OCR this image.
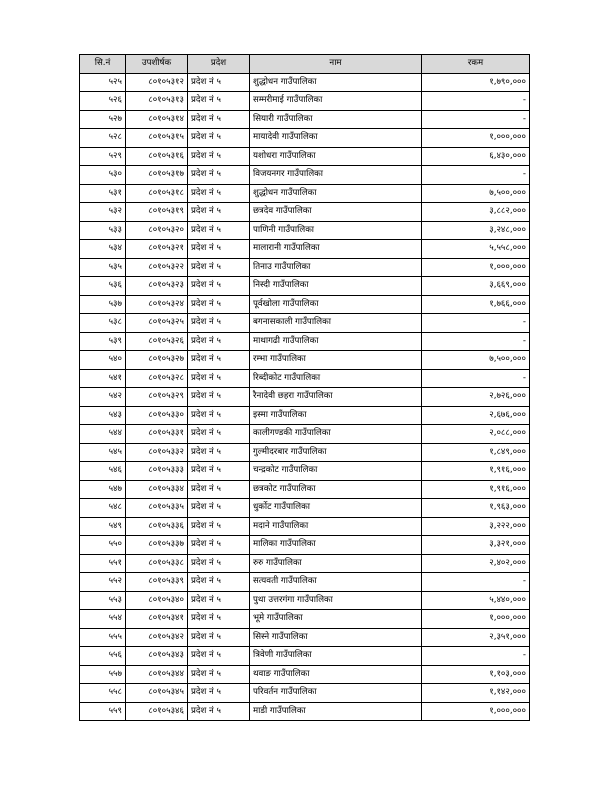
सि.नं	उपशीर्षक	प्रदेश	नाम	रकम
५२५	८०१०५३१२	प्रदेश नं ५	शुद्धोधन गाउँपालिका	१,७९०,०००
५२६	८०१०५३१३	प्रदेश नं ५	सम्मरीमाई गाउँपालिका	-
५२७	८०१०५३१४	प्रदेश नं ५	सियारी गाउँपालिका	-
५२८	८०१०५३१५	प्रदेश नं ५	मायादेवी गाउँपालिका	१,०००,०००
५२९	८०१०५३१६	प्रदेश नं ५	यशोधरा गाउँपालिका	६,४३०,०००
५३०	८०१०५३१७	प्रदेश नं ५	विजयनगर गाउँपालिका	-
५३१	८०१०५३१८	प्रदेश नं ५	शुद्धोधन गाउँपालिका	७,५००,०००
५३२	८०१०५३१९	प्रदेश नं ५	छत्रदेव गाउँपालिका	३,८८२,०००
५३३	८०१०५३२०	प्रदेश नं ५	पाणिनी गाउँपालिका	३,२४८,०००
५३४	८०१०५३२१	प्रदेश नं ५	मालारानी गाउँपालिका	५,५५८,०००
५३५	८०१०५३२२	प्रदेश नं ५	तिनाउ गाउँपालिका	१,०००,०००
५३६	८०१०५३२३	प्रदेश नं ५	निस्दी गाउँपालिका	३,६६९,०००
५३७	८०१०५३२४	प्रदेश नं ५	पूर्वखोला गाउँपालिका	१,७६६,०००
५३८	८०१०५३२५	प्रदेश नं ५	बगनासकाली गाउँपालिका	-
५३९	८०१०५३२६	प्रदेश नं ५	माथागढी गाउँपालिका	-
५४०	८०१०५३२७	प्रदेश नं ५	रम्भा गाउँपालिका	७,५००,०००
५४१	८०१०५३२८	प्रदेश नं ५	रिब्दीकोट गाउँपालिका	-
५४२	८०१०५३२९	प्रदेश नं ५	रैनादेवी छहरा गाउँपालिका	२,७२६,०००
५४३	८०१०५३३०	प्रदेश नं ५	इस्मा गाउँपालिका	२,६७६,०००
५४४	८०१०५३३१	प्रदेश नं ५	कालीगण्डकी गाउँपालिका	२,०८८,०००
५४५	८०१०५३३२	प्रदेश नं ५	गुल्मीदरबार गाउँपालिका	१,८४९,०००
५४६	८०१०५३३३	प्रदेश नं ५	चन्द्रकोट गाउँपालिका	१,९१६,०००
५४७	८०१०५३३४	प्रदेश नं ५	छत्रकोट गाउँपालिका	१,९१६,०००
५४८	८०१०५३३५	प्रदेश नं ५	धुर्कोट गाउँपालिका	१,९६३,०००
५४९	८०१०५३३६	प्रदेश नं ५	मदाने गाउँपालिका	३,२२२,०००
५५०	८०१०५३३७	प्रदेश नं ५	मालिका गाउँपालिका	३,३२१,०००
५५१	८०१०५३३८	प्रदेश नं ५	रुरु गाउँपालिका	२,४०२,०००
५५२	८०१०५३३९	प्रदेश नं ५	सत्यवती गाउँपालिका	-
५५३	८०१०५३४०	प्रदेश नं ५	पुथा उत्तरगंगा गाउँपालिका	५,४४०,०००
५५४	८०१०५३४१	प्रदेश नं ५	भूमे गाउँपालिका	१,०००,०००
५५५	८०१०५३४२	प्रदेश नं ५	सिस्ने गाउँपालिका	२,३५१,०००
५५६	८०१०५३४३	प्रदेश नं ५	त्रिवेणी गाउँपालिका	-
५५७	८०१०५३४४	प्रदेश नं ५	थवाङ गाउँपालिका	१,१०३,०००
५५८	८०१०५३४५	प्रदेश नं ५	परिवर्तन गाउँपालिका	१,१४२,०००
५५९	८०१०५३४६	प्रदेश नं ५	माडी गाउँपालिका	१,०००,०००
